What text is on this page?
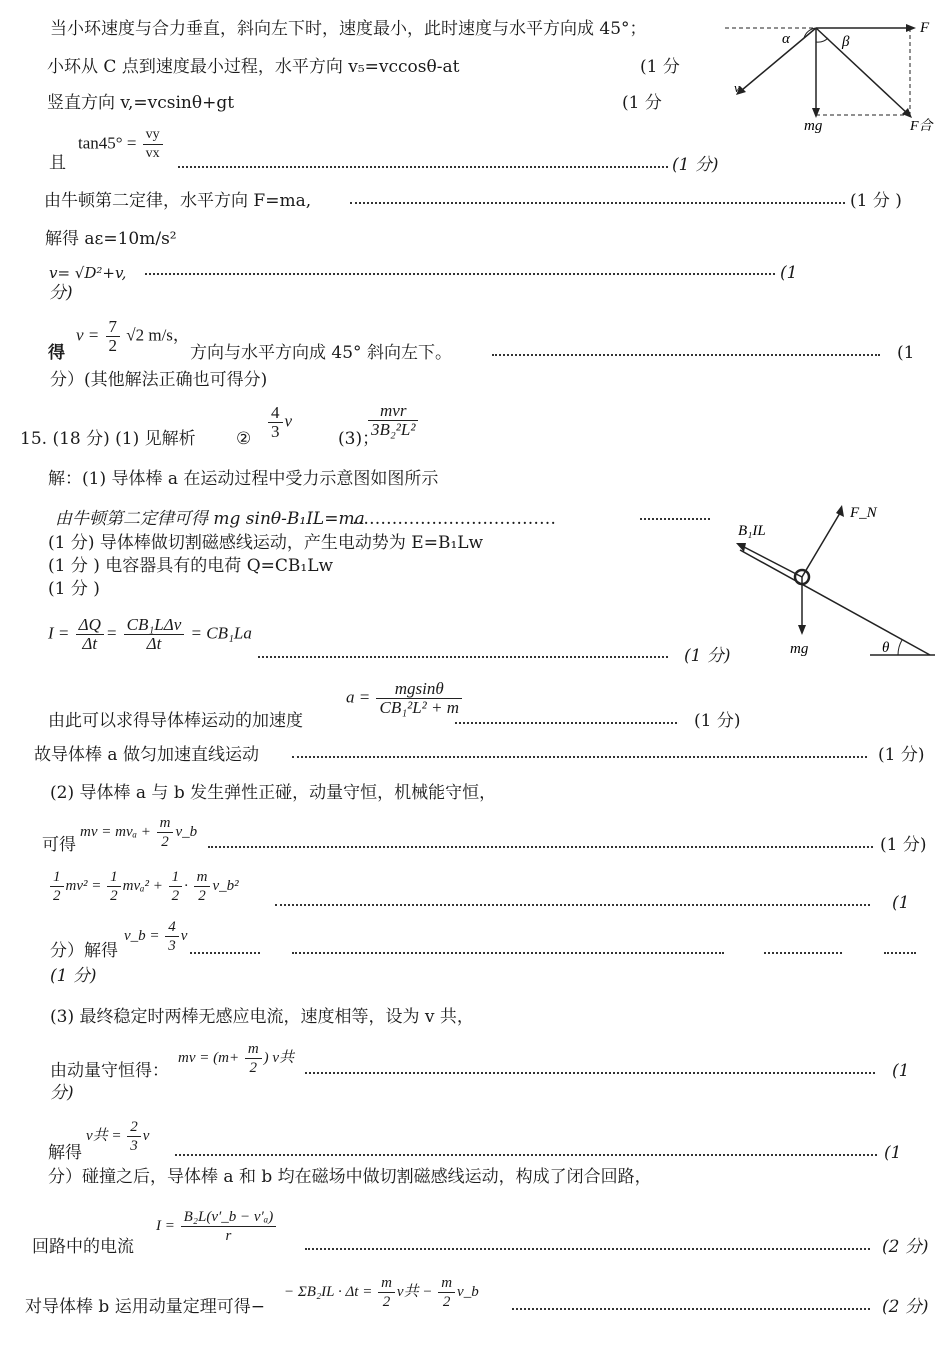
当小环速度与合力垂直，斜向左下时，速度最小，此时速度与水平方向成 45°；
小环从 C 点到速度最小过程，水平方向 v₅=vccosθ-at	(1 分
竖直方向 v,=vcsinθ+gt	(1 分
且
$\tan 45^\circ = \frac{vy}{vx}$
(1 分)
由牛顿第二定律，水平方向 F=ma,	(1 分 )
解得 aε=10m/s²
v= √D²+v,	(1
分)
得
$v = \frac{7}{2} √2$ m/s，
方向与水平方向成 45° 斜向左下。	(1
分）(其他解法正确也可得分)
α	β
F
v
mg	F合
15. (18 分) (1) 见解析 ② $\frac{4}{3}$ v
(3)；
$\frac{\text{mvr}}{\text{3B₂²L²}}$
解：(1) 导体棒 a 在运动过程中受力示意图如图所示
由牛顿第二定律可得 mg sinθ-B₁IL=ma
………………………………
(1 分) 导体棒做切割磁感线运动，产生电动势为 E=B₁Lw
(1 分 ) 电容器具有的电荷 Q=CB₁Lw
(1 分 )
$I = \frac{\Delta Q}{\Delta t} = \frac{\text{CB₁LΔv}}{\Delta t} = CB_1La$
(1 分)
由此可以求得导体棒运动的加速度
$a = \frac{mgsin\theta}{\text{CB₁²L² + m}}$
(1 分)
故导体棒 a 做匀加速直线运动	(1 分)
(2) 导体棒 a 与 b 发生弹性正碰，动量守恒，机械能守恒，
可得
mv = $mv_a + \frac{m}{2}$ v_b
(1 分)
$\frac{1}{2} mv^2 = \frac{1}{2} mv_a^2 + \frac{1}{2} \cdot \frac{m}{2}$ v_b²
(1
分）解得
v_b = $\frac{4}{3}$ v
(1 分)
(3) 最终稳定时两棒无感应电流，速度相等，设为 v 共，
由动量守恒得：
mv = ($m+ \frac{m}{2}$ ) v共
(1
分)
解得
v共 = $\frac{2}{3}$ v
(1
分）碰撞之后，导体棒 a 和 b 均在磁场中做切割磁感线运动，构成了闭合回路，
回路中的电流
$I = \frac{\text{B₂L(v′\_b − v′ₐ)}}{r}$
(2 分)
对导体棒 b 运用动量定理可得−
− $\Sigma B_2IL \cdot \Delta t = \frac{m}{2}$ v共 − $\frac{m}{2}$ v_b
(2 分)
B₁IL
F_N
mg	θ
